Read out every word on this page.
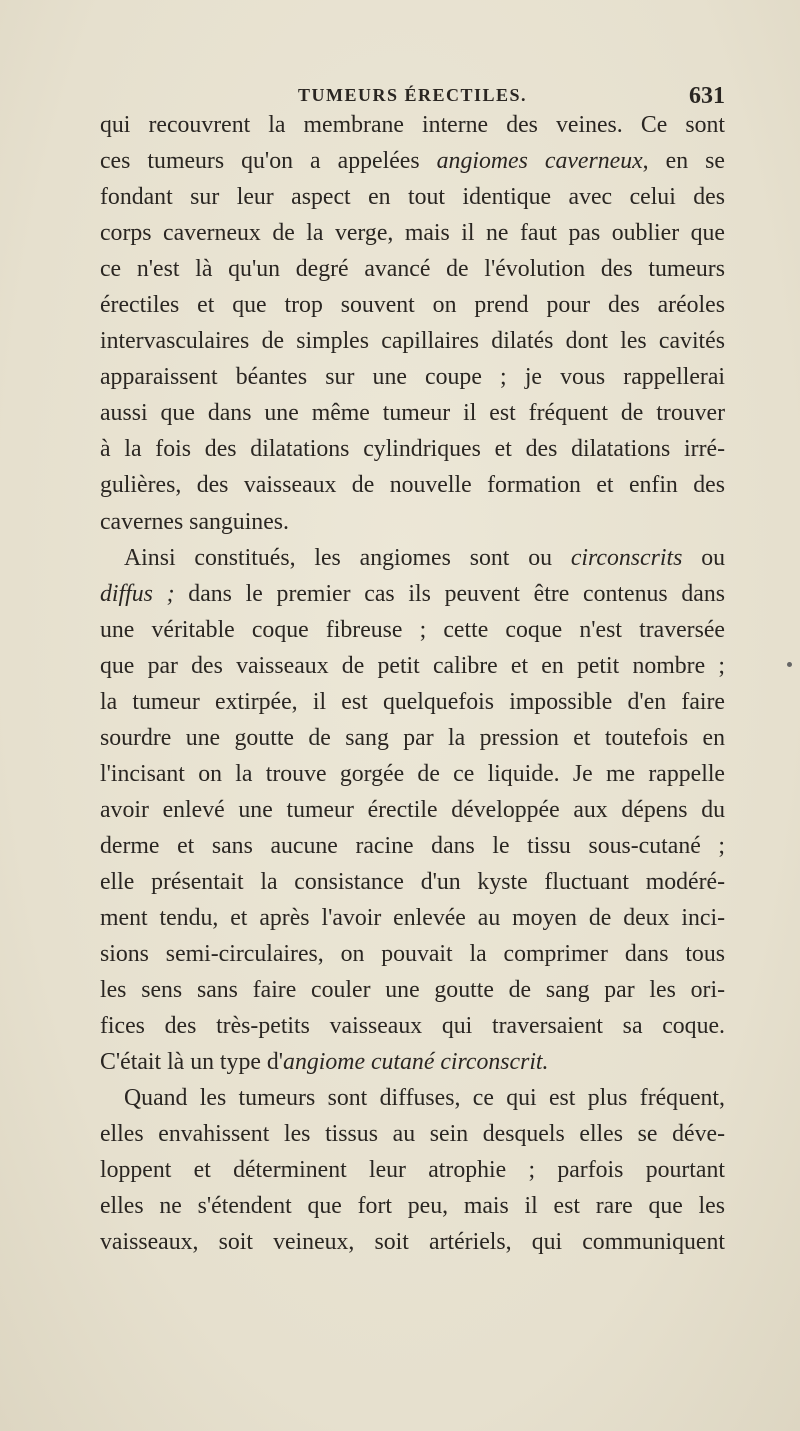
TUMEURS ÉRECTILES.	631
qui recouvrent la membrane interne des veines. Ce sont
ces tumeurs qu'on a appelées angiomes caverneux, en se
fondant sur leur aspect en tout identique avec celui des
corps caverneux de la verge, mais il ne faut pas oublier que
ce n'est là qu'un degré avancé de l'évolution des tumeurs
érectiles et que trop souvent on prend pour des aréoles
intervasculaires de simples capillaires dilatés dont les cavités
apparaissent béantes sur une coupe ; je vous rappellerai
aussi que dans une même tumeur il est fréquent de trouver
à la fois des dilatations cylindriques et des dilatations irré-
gulières, des vaisseaux de nouvelle formation et enfin des
cavernes sanguines.
Ainsi constitués, les angiomes sont ou circonscrits ou
diffus ; dans le premier cas ils peuvent être contenus dans
une véritable coque fibreuse ; cette coque n'est traversée
que par des vaisseaux de petit calibre et en petit nombre ;
la tumeur extirpée, il est quelquefois impossible d'en faire
sourdre une goutte de sang par la pression et toutefois en
l'incisant on la trouve gorgée de ce liquide. Je me rappelle
avoir enlevé une tumeur érectile développée aux dépens du
derme et sans aucune racine dans le tissu sous-cutané ;
elle présentait la consistance d'un kyste fluctuant modéré-
ment tendu, et après l'avoir enlevée au moyen de deux inci-
sions semi-circulaires, on pouvait la comprimer dans tous
les sens sans faire couler une goutte de sang par les ori-
fices des très-petits vaisseaux qui traversaient sa coque.
C'était là un type d'angiome cutané circonscrit.
Quand les tumeurs sont diffuses, ce qui est plus fréquent,
elles envahissent les tissus au sein desquels elles se déve-
loppent et déterminent leur atrophie ; parfois pourtant
elles ne s'étendent que fort peu, mais il est rare que les
vaisseaux, soit veineux, soit artériels, qui communiquent
